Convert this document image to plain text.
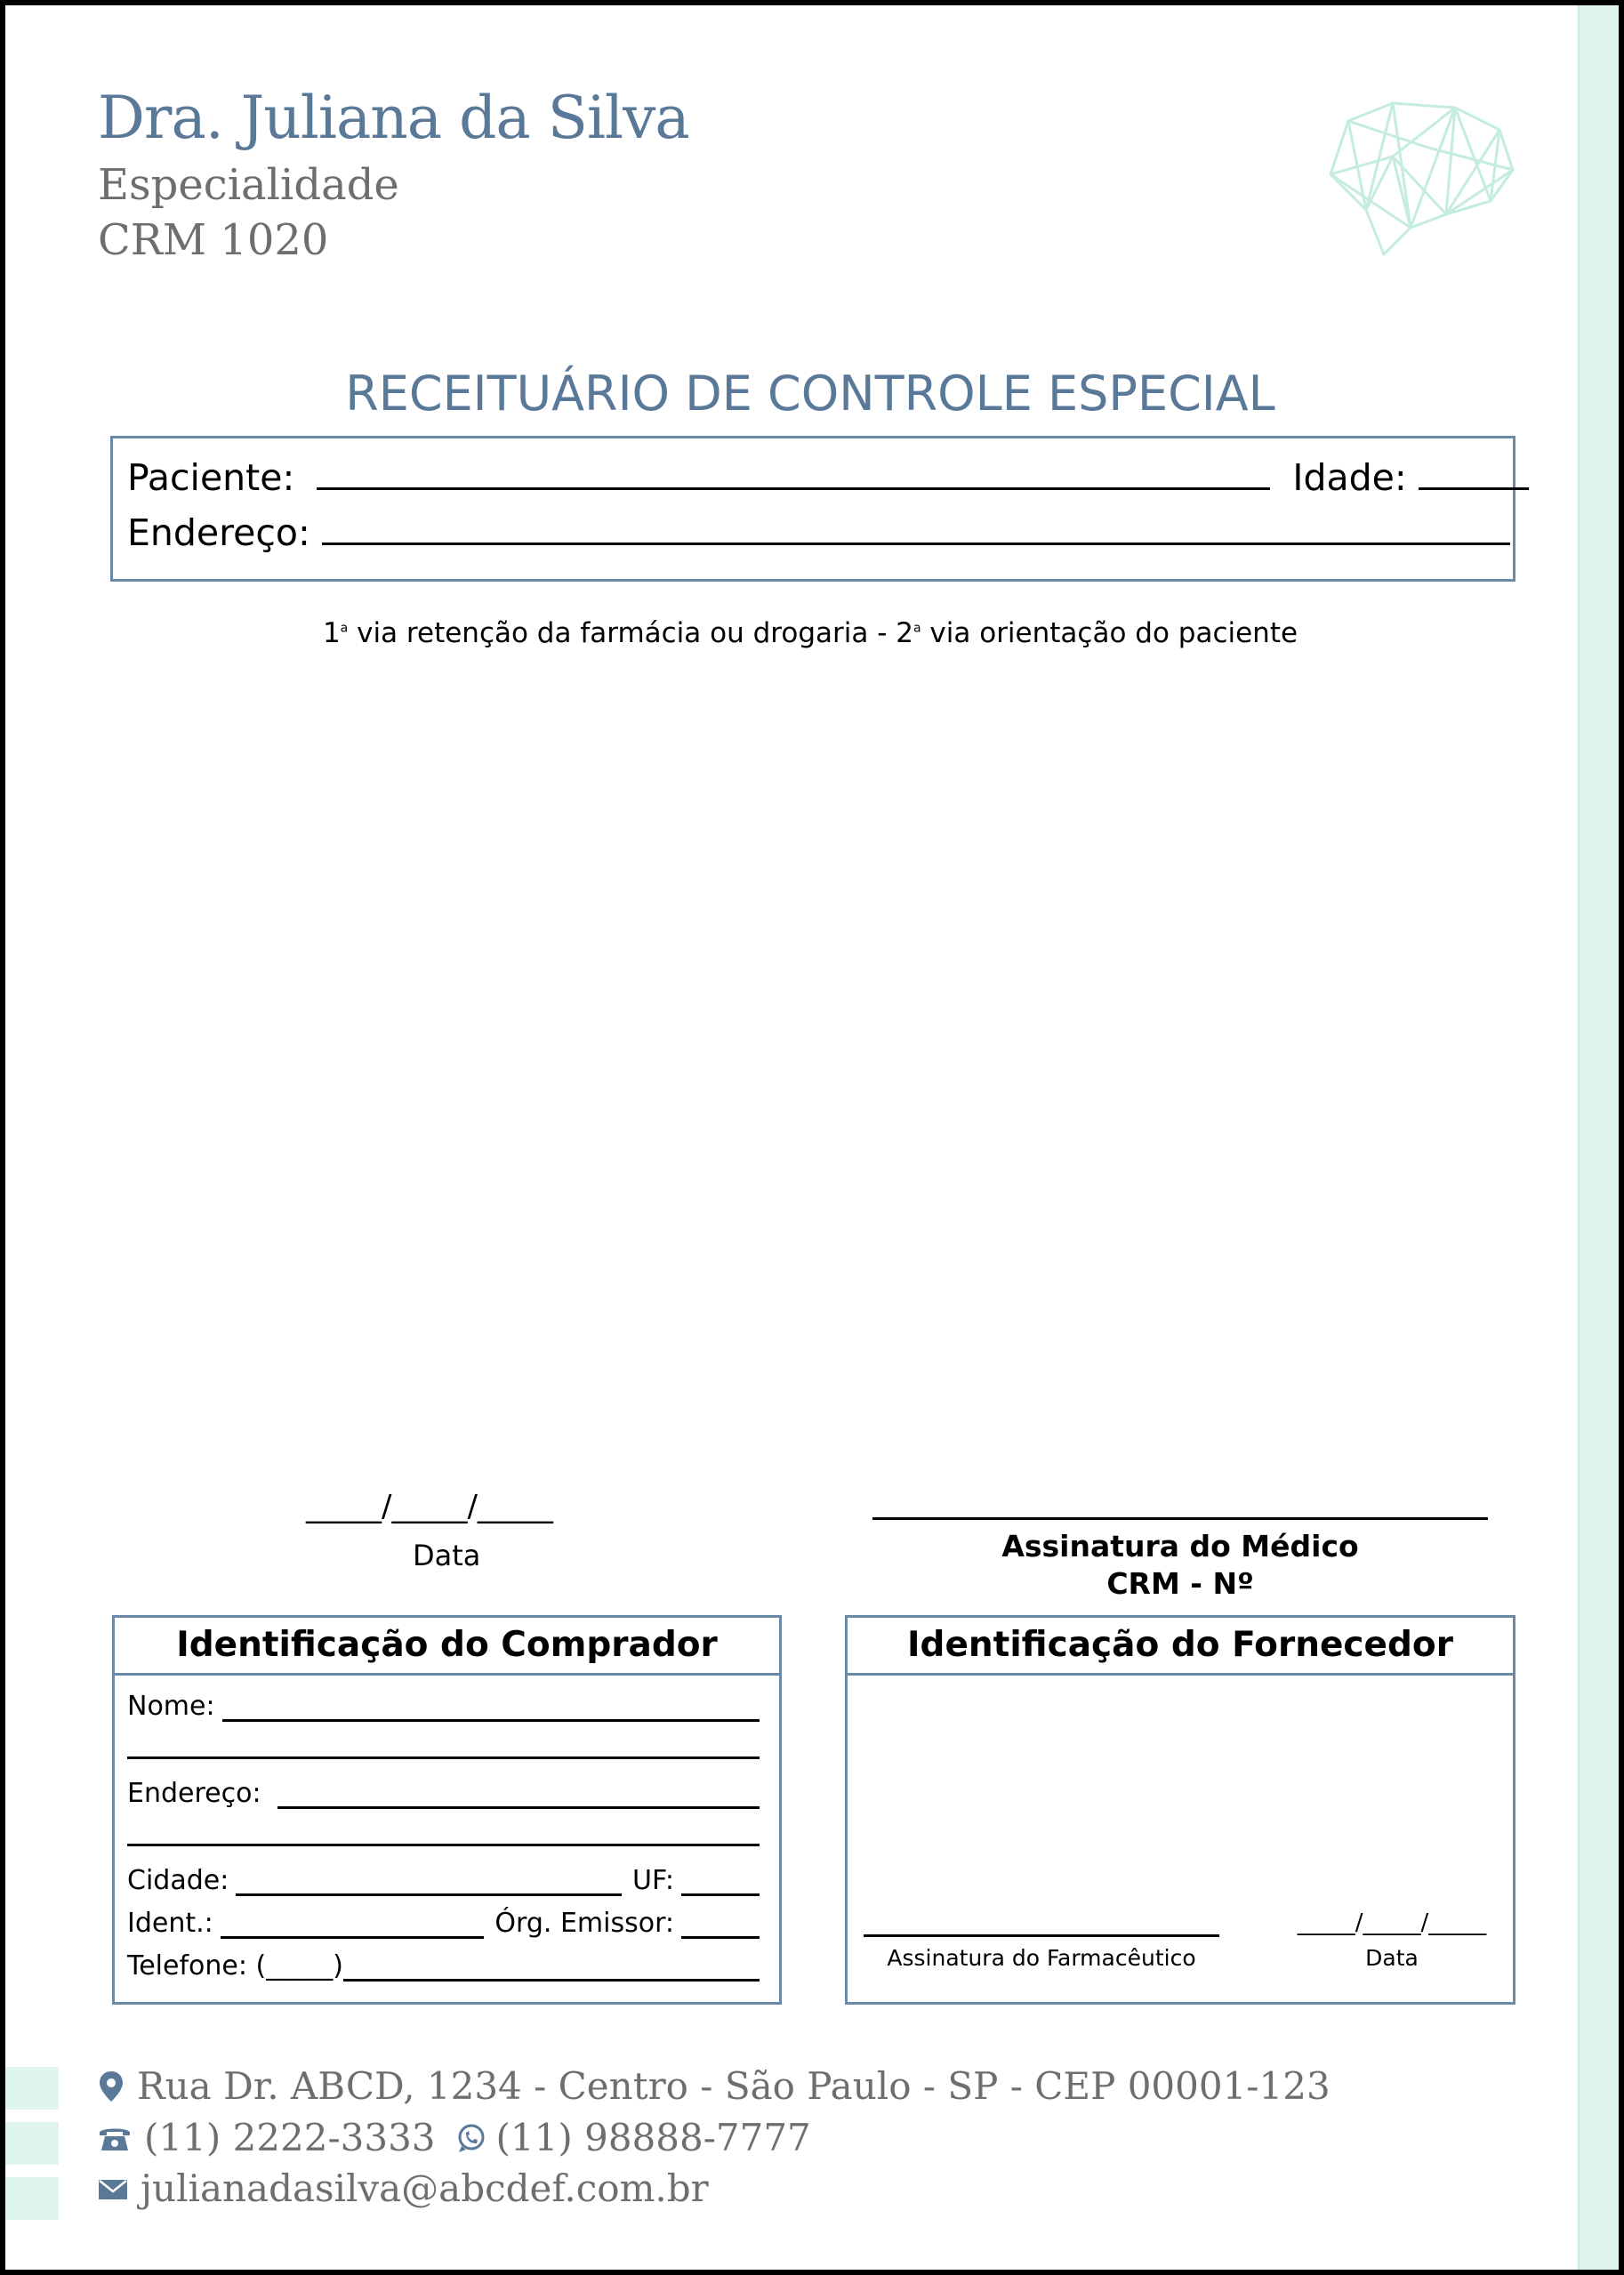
Dra. Juliana da Silva
Especialidade
CRM 1020
RECEITUÁRIO DE CONTROLE ESPECIAL
Paciente:	Idade:
Endereço:
1$^a$ via retenção da farmácia ou drogaria - 2$^a$ via orientação do paciente
_____/_____/_____
Data	Assinatura do Médico
CRM - Nº
Identificação do Comprador
Nome:
Endereço:
Cidade:	UF:
Ident.:	Órg. Emissor:
Telefone: (_____)
Identificação do Fornecedor
Assinatura do Farmacêutico
_____/_____/_____
Data
Rua Dr. ABCD, 1234 - Centro - São Paulo - SP - CEP 00001-123
(11) 2222-3333 (11) 98888-7777
julianadasilva@abcdef.com.br
